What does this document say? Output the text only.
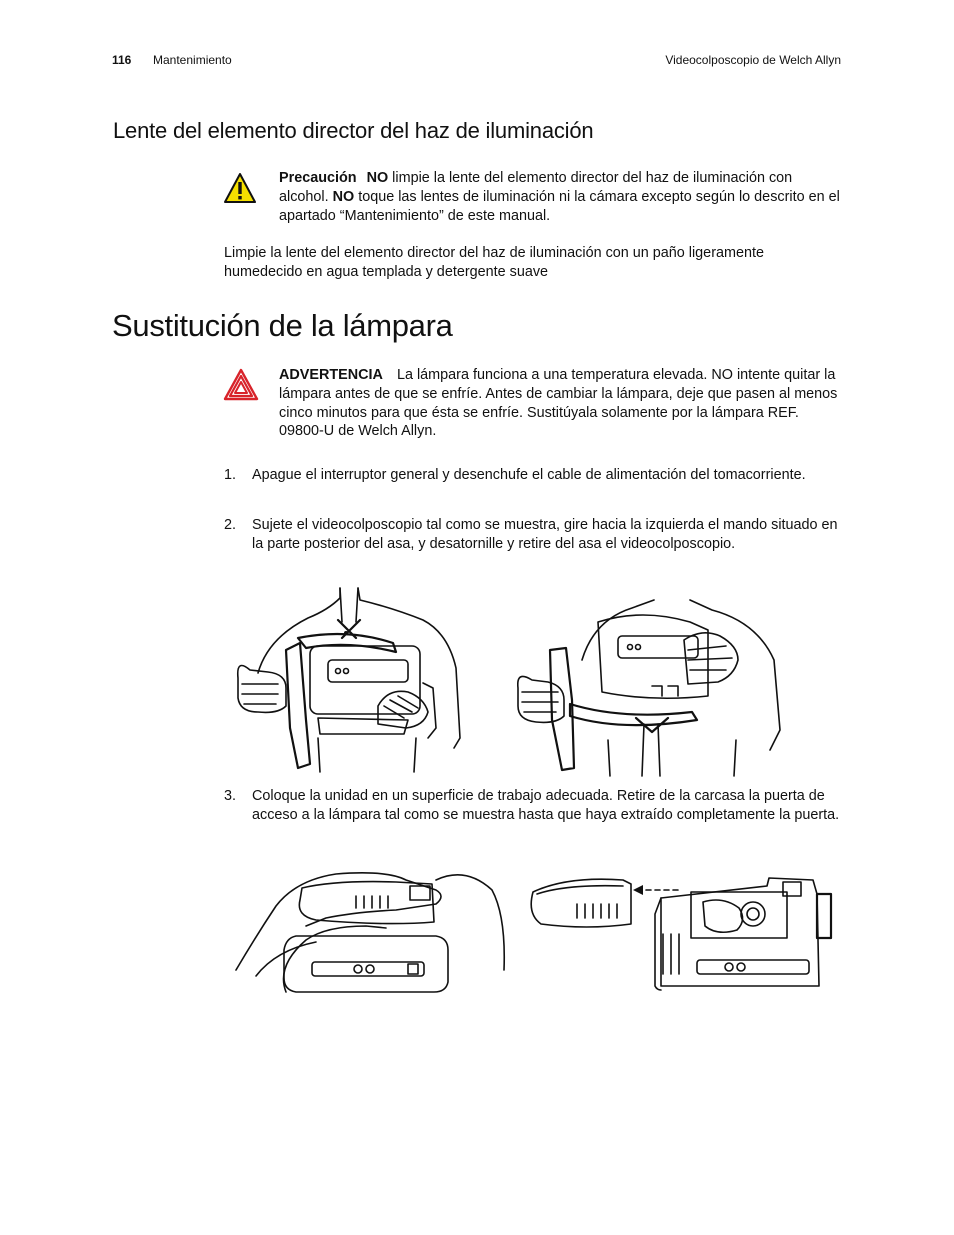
116 Mantenimiento	Videocolposcopio de Welch Allyn
Lente del elemento director del haz de iluminación
Precaución NO limpie la lente del elemento director del haz de iluminación con alcohol. NO toque las lentes de iluminación ni la cámara excepto según lo descrito en el apartado “Mantenimiento” de este manual.
Limpie la lente del elemento director del haz de iluminación con un paño ligeramente humedecido en agua templada y detergente suave
Sustitución de la lámpara
ADVERTENCIA La lámpara funciona a una temperatura elevada. NO intente quitar la lámpara antes de que se enfríe. Antes de cambiar la lámpara, deje que pasen al menos cinco minutos para que ésta se enfríe. Sustitúyala solamente por la lámpara REF. 09800-U de Welch Allyn.
1. Apague el interruptor general y desenchufe el cable de alimentación del tomacorriente.
2. Sujete el videocolposcopio tal como se muestra, gire hacia la izquierda el mando situado en la parte posterior del asa, y desatornille y retire del asa el videocolposcopio.
3. Coloque la unidad en un superficie de trabajo adecuada. Retire de la carcasa la puerta de acceso a la lámpara tal como se muestra hasta que haya extraído completamente la puerta.
